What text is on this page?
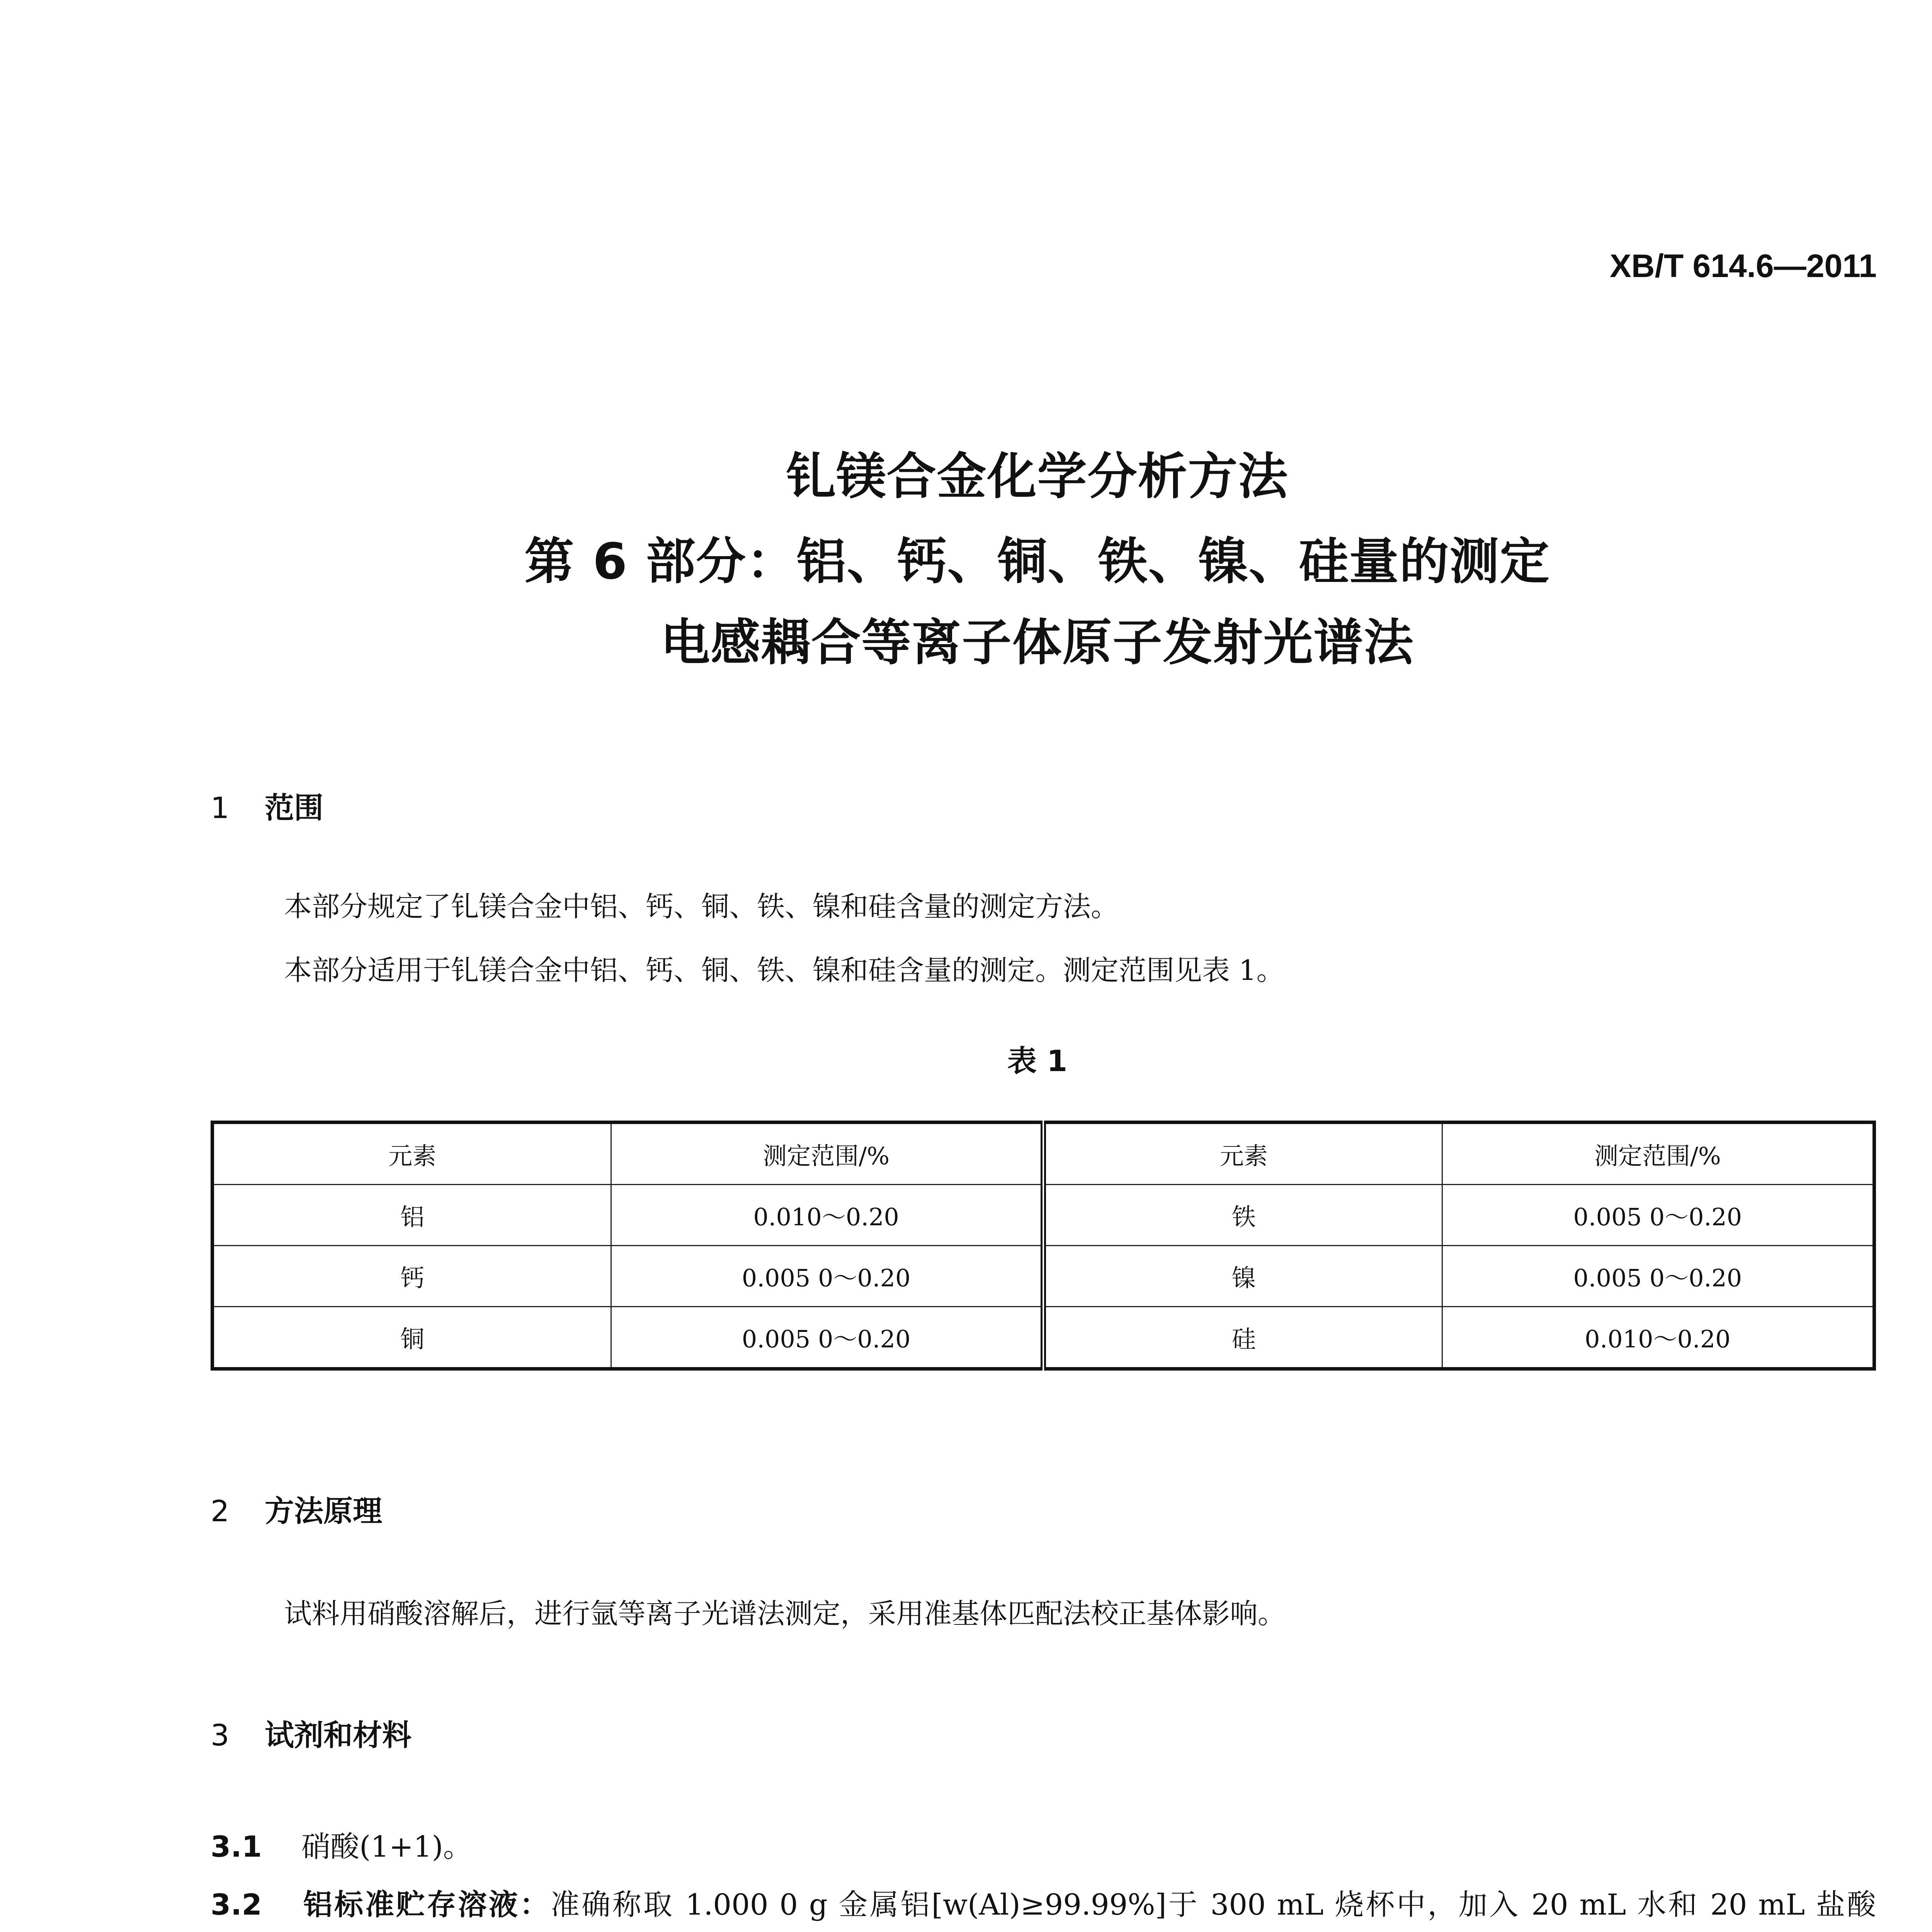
XB/T 614.6—2011
钆镁合金化学分析方法
第 6 部分：铝、钙、铜、铁、镍、硅量的测定
电感耦合等离子体原子发射光谱法
1 范围
本部分规定了钆镁合金中铝、钙、铜、铁、镍和硅含量的测定方法。
本部分适用于钆镁合金中铝、钙、铜、铁、镍和硅含量的测定。测定范围见表 1。
表 1
元素	测定范围/%	元素	测定范围/%
铝	0.010～0.20	铁	0.005 0～0.20
钙	0.005 0～0.20	镍	0.005 0～0.20
铜	0.005 0～0.20	硅	0.010～0.20
2 方法原理
试料用硝酸溶解后，进行氩等离子光谱法测定，采用准基体匹配法校正基体影响。
3 试剂和材料
3.1 硝酸(1+1)。
3.2 铝标准贮存溶液：准确称取 1.000 0 g 金属铝[w(Al)≥99.99%]于 300 mL 烧杯中，加入 20 mL 水和 20 mL 盐酸
